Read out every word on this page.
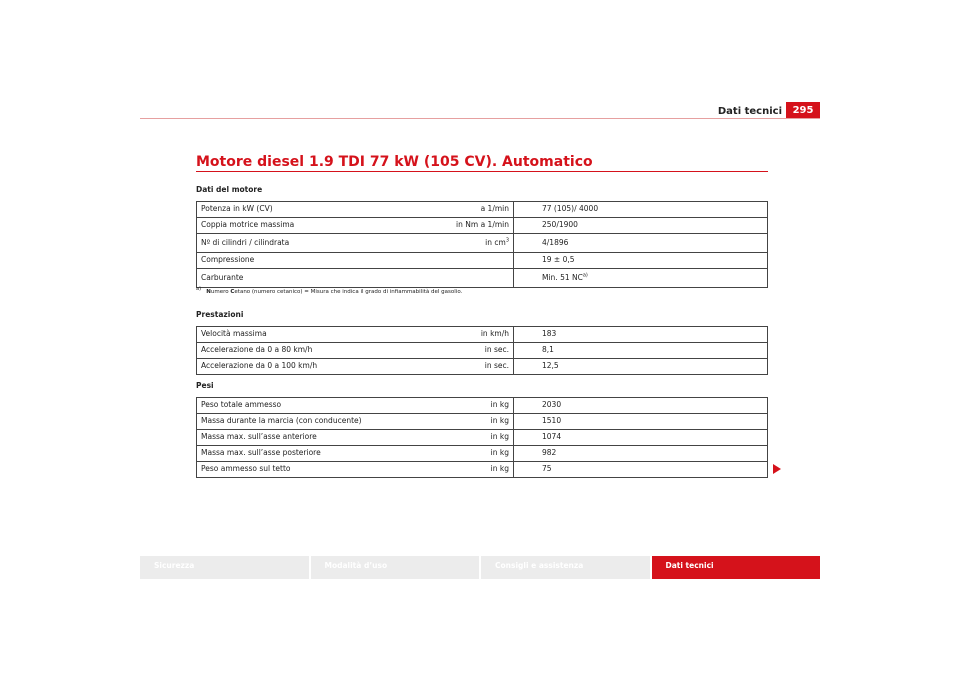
Dati tecnici	295
Motore diesel 1.9 TDI 77 kW (105 CV). Automatico
Dati del motore
Potenza in kW (CV)	a 1/min	77 (105)/ 4000
Coppia motrice massima	in Nm a 1/min	250/1900
Nº di cilindri / cilindrata	in $cm^3$	4/1896
Compressione		19 ± 0,5
Carburante		Min. 51 NC$^{a)}$
$^{a)}$ Numero Cetano (numero cetanico) = Misura che indica il grado di infiammabilità del gasolio.
Prestazioni
Velocità massima	in km/h	183
Accelerazione da 0 a 80 km/h	in sec.	8,1
Accelerazione da 0 a 100 km/h	in sec.	12,5
Pesi
Peso totale ammesso	in kg	2030
Massa durante la marcia (con conducente)	in kg	1510
Massa max. sull’asse anteriore	in kg	1074
Massa max. sull’asse posteriore	in kg	982
Peso ammesso sul tetto	in kg	75
Sicurezza	Modalità d’uso	Consigli e assistenza	Dati tecnici
